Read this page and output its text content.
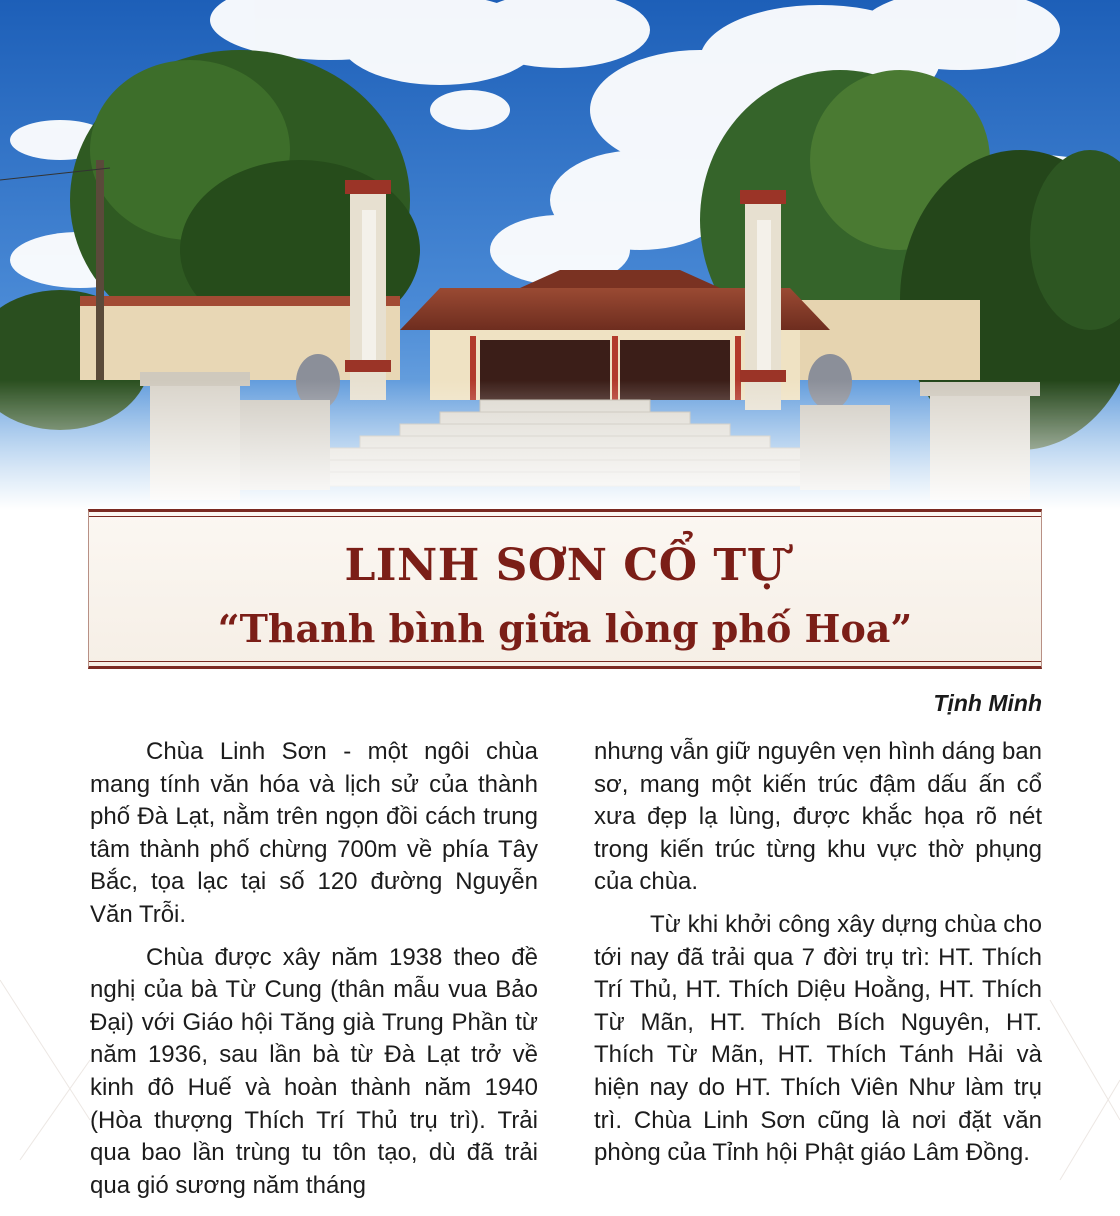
LINH SƠN CỔ TỰ
“Thanh bình giữa lòng phố Hoa”
Tịnh Minh

Chùa Linh Sơn - một ngôi chùa mang tính văn hóa và lịch sử của thành phố Đà Lạt, nằm trên ngọn đồi cách trung tâm thành phố chừng 700m về phía Tây Bắc, tọa lạc tại số 120 đường Nguyễn Văn Trỗi.

Chùa được xây năm 1938 theo đề nghị của bà Từ Cung (thân mẫu vua Bảo Đại) với Giáo hội Tăng già Trung Phần từ năm 1936, sau lần bà từ Đà Lạt trở về kinh đô Huế và hoàn thành năm 1940 (Hòa thượng Thích Trí Thủ trụ trì). Trải qua bao lần trùng tu tôn tạo, dù đã trải qua gió sương năm tháng

nhưng vẫn giữ nguyên vẹn hình dáng ban sơ, mang một kiến trúc đậm dấu ấn cổ xưa đẹp lạ lùng, được khắc họa rõ nét trong kiến trúc từng khu vực thờ phụng của chùa.

Từ khi khởi công xây dựng chùa cho tới nay đã trải qua 7 đời trụ trì: HT. Thích Trí Thủ, HT. Thích Diệu Hoằng, HT. Thích Từ Mãn, HT. Thích Bích Nguyên, HT. Thích Từ Mãn, HT. Thích Tánh Hải và hiện nay do HT. Thích Viên Như làm trụ trì. Chùa Linh Sơn cũng là nơi đặt văn phòng của Tỉnh hội Phật giáo Lâm Đồng.
